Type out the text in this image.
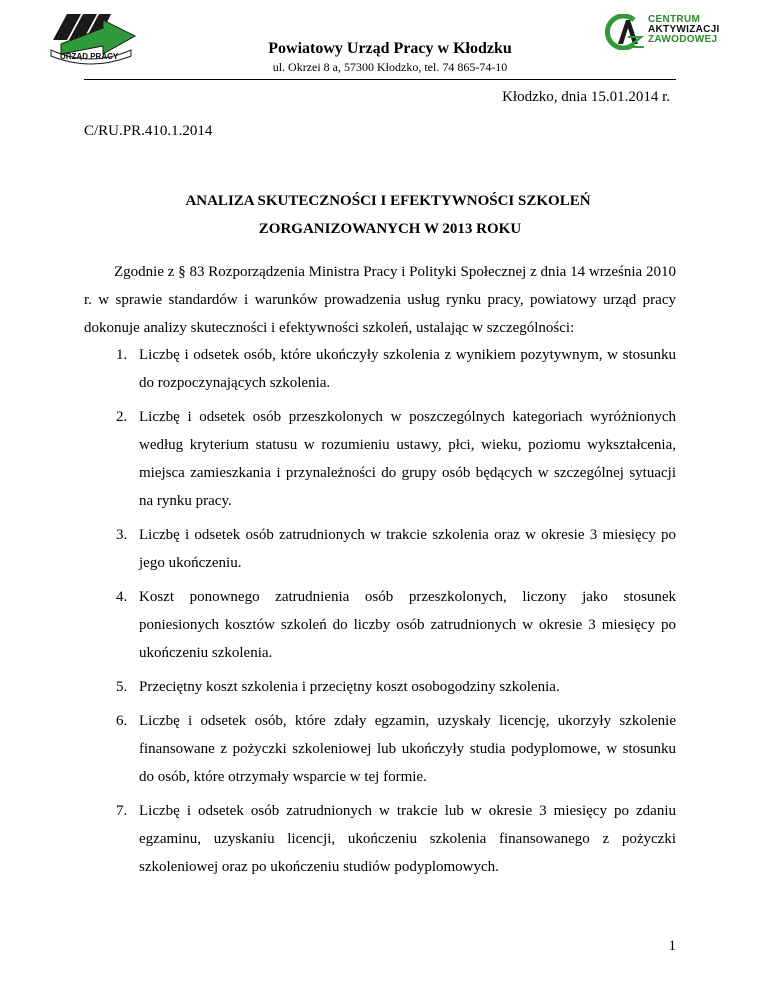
URZĄD PRACY
CENTRUM
AKTYWIZACJI
ZAWODOWEJ
Powiatowy Urząd Pracy w Kłodzku
ul. Okrzei 8 a, 57300 Kłodzko, tel. 74 865-74-10
Kłodzko, dnia 15.01.2014 r.
C/RU.PR.410.1.2014
ANALIZA SKUTECZNOŚCI I EFEKTYWNOŚCI SZKOLEŃ
ZORGANIZOWANYCH W 2013 ROKU

Zgodnie z § 83 Rozporządzenia Ministra Pracy i Polityki Społecznej z dnia 14 września 2010 r. w sprawie standardów i warunków prowadzenia usług rynku pracy, powiatowy urząd pracy dokonuje analizy skuteczności i efektywności szkoleń, ustalając w szczególności:

1. Liczbę i odsetek osób, które ukończyły szkolenia z wynikiem pozytywnym, w stosunku do rozpoczynających szkolenia.
2. Liczbę i odsetek osób przeszkolonych w poszczególnych kategoriach wyróżnionych według kryterium statusu w rozumieniu ustawy, płci, wieku, poziomu wykształcenia, miejsca zamieszkania i przynależności do grupy osób będących w szczególnej sytuacji na rynku pracy.
3. Liczbę i odsetek osób zatrudnionych w trakcie szkolenia oraz w okresie 3 miesięcy po jego ukończeniu.
4. Koszt ponownego zatrudnienia osób przeszkolonych, liczony jako stosunek poniesionych kosztów szkoleń do liczby osób zatrudnionych w okresie 3 miesięcy po ukończeniu szkolenia.
5. Przeciętny koszt szkolenia i przeciętny koszt osobogodziny szkolenia.
6. Liczbę i odsetek osób, które zdały egzamin, uzyskały licencję, ukorzyły szkolenie finansowane z pożyczki szkoleniowej lub ukończyły studia podyplomowe, w stosunku do osób, które otrzymały wsparcie w tej formie.
7. Liczbę i odsetek osób zatrudnionych w trakcie lub w okresie 3 miesięcy po zdaniu egzaminu, uzyskaniu licencji, ukończeniu szkolenia finansowanego z pożyczki szkoleniowej oraz po ukończeniu studiów podyplomowych.
1
